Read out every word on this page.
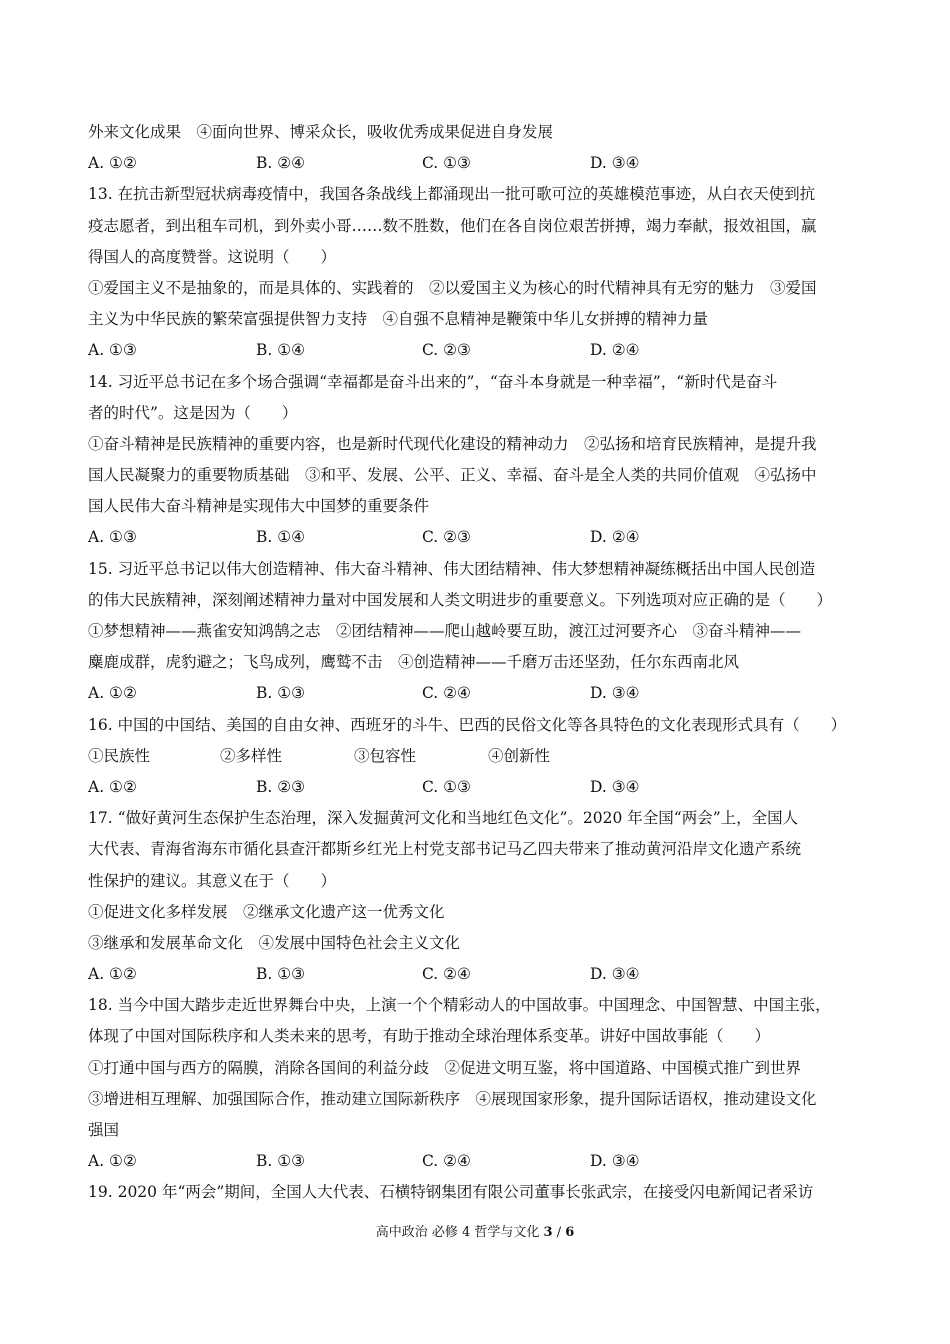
外来文化成果　④面向世界、博采众长，吸收优秀成果促进自身发展
A. ①②	B. ②④	C. ①③	D. ③④
13. 在抗击新型冠状病毒疫情中，我国各条战线上都涌现出一批可歌可泣的英雄模范事迹，从白衣天使到抗
疫志愿者，到出租车司机，到外卖小哥……数不胜数，他们在各自岗位艰苦拼搏，竭力奉献，报效祖国，赢
得国人的高度赞誉。这说明（　　）
①爱国主义不是抽象的，而是具体的、实践着的　②以爱国主义为核心的时代精神具有无穷的魅力　③爱国
主义为中华民族的繁荣富强提供智力支持　④自强不息精神是鞭策中华儿女拼搏的精神力量
A. ①③	B. ①④	C. ②③	D. ②④
14. 习近平总书记在多个场合强调“幸福都是奋斗出来的”，“奋斗本身就是一种幸福”，“新时代是奋斗
者的时代”。这是因为（　　）
①奋斗精神是民族精神的重要内容，也是新时代现代化建设的精神动力　②弘扬和培育民族精神，是提升我
国人民凝聚力的重要物质基础　③和平、发展、公平、正义、幸福、奋斗是全人类的共同价值观　④弘扬中
国人民伟大奋斗精神是实现伟大中国梦的重要条件
A. ①③	B. ①④	C. ②③	D. ②④
15. 习近平总书记以伟大创造精神、伟大奋斗精神、伟大团结精神、伟大梦想精神凝练概括出中国人民创造
的伟大民族精神，深刻阐述精神力量对中国发展和人类文明进步的重要意义。下列选项对应正确的是（　　）
①梦想精神——燕雀安知鸿鹄之志　②团结精神——爬山越岭要互助，渡江过河要齐心　③奋斗精神——
麋鹿成群，虎豹避之；飞鸟成列，鹰鹫不击　④创造精神——千磨万击还坚劲，任尔东西南北风
A. ①②	B. ①③	C. ②④	D. ③④
16. 中国的中国结、美国的自由女神、西班牙的斗牛、巴西的民俗文化等各具特色的文化表现形式具有（　　）
①民族性	②多样性	③包容性	④创新性
A. ①②	B. ②③	C. ①③	D. ③④
17. “做好黄河生态保护生态治理，深入发掘黄河文化和当地红色文化”。2020 年全国“两会”上，全国人
大代表、青海省海东市循化县查汗都斯乡红光上村党支部书记马乙四夫带来了推动黄河沿岸文化遗产系统
性保护的建议。其意义在于（　　）
①促进文化多样发展　②继承文化遗产这一优秀文化
③继承和发展革命文化　④发展中国特色社会主义文化
A. ①②	B. ①③	C. ②④	D. ③④
18. 当今中国大踏步走近世界舞台中央，上演一个个精彩动人的中国故事。中国理念、中国智慧、中国主张，
体现了中国对国际秩序和人类未来的思考，有助于推动全球治理体系变革。讲好中国故事能（　　）
①打通中国与西方的隔膜，消除各国间的利益分歧　②促进文明互鉴，将中国道路、中国模式推广到世界
③增进相互理解、加强国际合作，推动建立国际新秩序　④展现国家形象，提升国际话语权，推动建设文化
强国
A. ①②	B. ①③	C. ②④	D. ③④
19. 2020 年“两会”期间，全国人大代表、石横特钢集团有限公司董事长张武宗，在接受闪电新闻记者采访
高中政治 必修 4 哲学与文化 3 / 6
